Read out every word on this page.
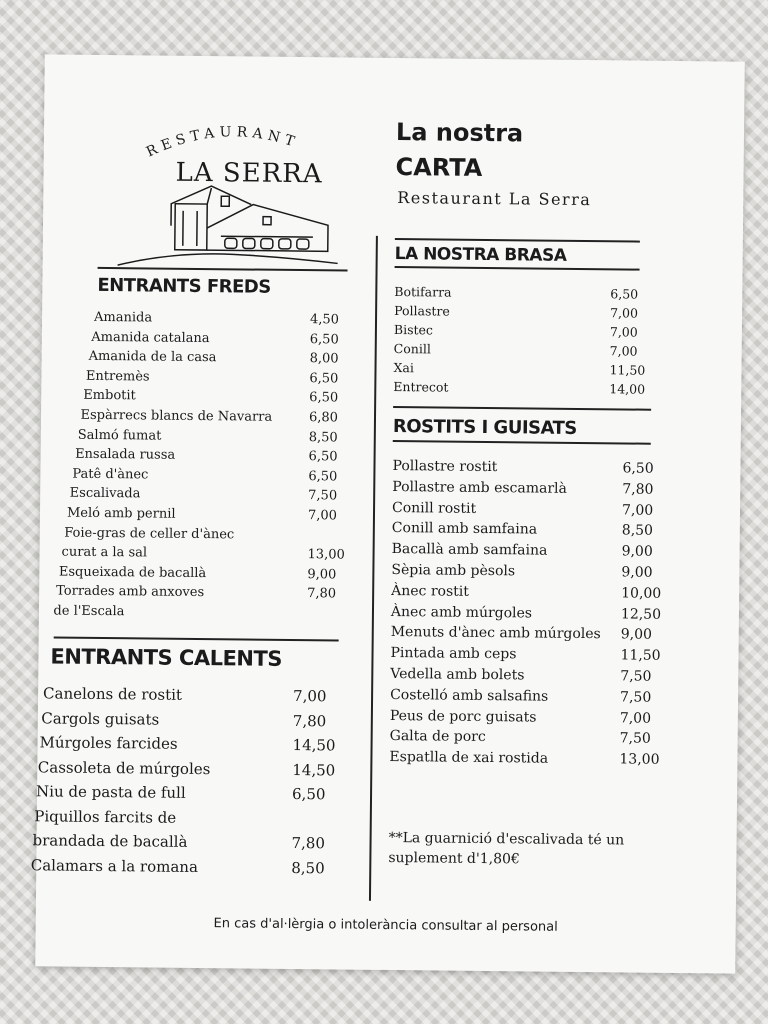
RESTAURANT
LA SERRA
La nostra
CARTA
Restaurant La Serra
ENTRANTS FREDS
Amanida	4,50
Amanida catalana	6,50
Amanida de la casa	8,00
Entremès	6,50
Embotit	6,50
Espàrrecs blancs de Navarra	6,80
Salmó fumat	8,50
Ensalada russa	6,50
Patê d'ànec	6,50
Escalivada	7,50
Meló amb pernil	7,00
Foie-gras de celler d'ànec
curat a la sal	13,00
Esqueixada de bacallà	9,00
Torrades amb anxoves	7,80
de l'Escala
ENTRANTS CALENTS
Canelons de rostit	7,00
Cargols guisats	7,80
Múrgoles farcides	14,50
Cassoleta de múrgoles	14,50
Niu de pasta de full	6,50
Piquillos farcits de
brandada de bacallà	7,80
Calamars a la romana	8,50
LA NOSTRA BRASA
Botifarra	6,50
Pollastre	7,00
Bistec	7,00
Conill	7,00
Xai	11,50
Entrecot	14,00
ROSTITS I GUISATS
Pollastre rostit	6,50
Pollastre amb escamarlà	7,80
Conill rostit	7,00
Conill amb samfaina	8,50
Bacallà amb samfaina	9,00
Sèpia amb pèsols	9,00
Ànec rostit	10,00
Ànec amb múrgoles	12,50
Menuts d'ànec amb múrgoles 9,00
Pintada amb ceps	11,50
Vedella amb bolets	7,50
Costelló amb salsafins	7,50
Peus de porc guisats	7,00
Galta de porc	7,50
Espatlla de xai rostida	13,00
**La guarnició d'escalivada té un suplement d'1,80€
En cas d'al·lèrgia o intolerància consultar al personal
